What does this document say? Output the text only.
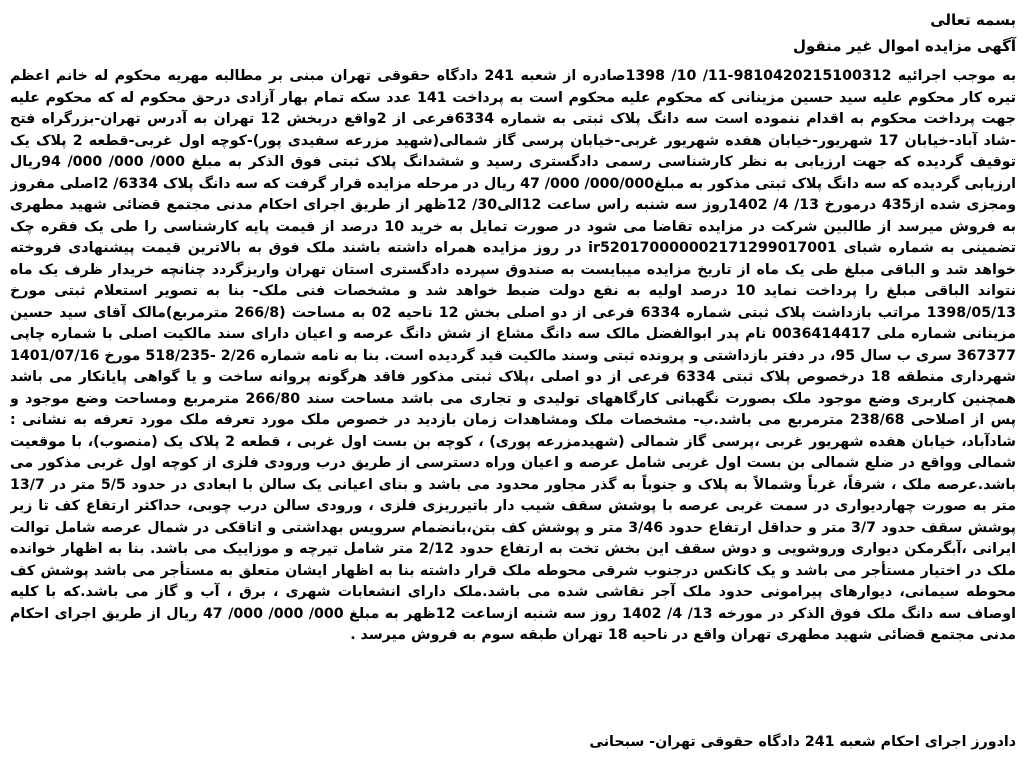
بسمه تعالی
آگهی مزایده اموال غیر منقول
به موجب اجرائیه 9810420215100312-11/ 10/ 1398صادره از شعبه 241 دادگاه حقوقی تهران مبنی بر مطالبه مهریه محکوم له خانم اعظم تیره کار محکوم علیه سید حسین مزینانی که محکوم علیه محکوم است به پرداخت 141 عدد سکه تمام بهار آزادی درحق محکوم له که محکوم علیه جهت پرداخت محکوم به اقدام ننموده است سه دانگ پلاک ثبتی به شماره 6334فرعی از 2واقع دربخش 12 تهران به آدرس تهران-بزرگراه فتح -شاد آباد-خیابان 17 شهریور-خیابان هفده شهریور غربی-خیابان پرسی گاز شمالی(شهید مزرعه سفیدی پور)-کوچه اول غربی-قطعه 2 پلاک یک توقیف گردیده که جهت ارزیابی به نظر کارشناسی رسمی دادگستری رسید و ششدانگ پلاک ثبتی فوق الذکر به مبلغ 000/ 000/ 000/ 94ریال ارزیابی گردیده که سه دانگ پلاک ثبتی مذکور به مبلغ000/000/ 000/ 47 ریال در مرحله مزایده قرار گرفت که سه دانگ پلاک 6334/ 2اصلی مفروز ومجزی شده از435 درمورخ 13/ 4/ 1402روز سه شنبه راس ساعت 12الی30/ 12ظهر از طریق اجرای احکام مدنی مجتمع قضائی شهید مطهری به فروش میرسد از طالبین شرکت در مزایده تقاضا می شود در صورت تمایل به خرید 10 درصد از قیمت پایه کارشناسی را طی یک فقره چک تضمینی به شماره شبای ir520170000002171299017001 در روز مزایده همراه داشته باشند ملک فوق به بالاترین قیمت پیشنهادی فروخته خواهد شد و الباقی مبلغ طی یک ماه از تاریخ مزایده میبایست به صندوق سپرده دادگستری استان تهران واریزگردد چنانچه خریدار ظرف یک ماه نتواند الباقی مبلغ را پرداخت نماید 10 درصد اولیه به نفع دولت ضبط خواهد شد و مشخصات فنی ملک- بنا به تصویر استعلام ثبتی مورخ 1398/05/13 مراتب بازداشت پلاک ثبتی شماره 6334 فرعی از دو اصلی بخش 12 ناحیه 02 به مساحت (266/8 مترمربع)مالک آقای سید حسین مزینانی شماره ملی 0036414417 نام پدر ابوالفضل مالک سه دانگ مشاع از شش دانگ عرصه و اعیان دارای سند مالکیت اصلی با شماره چاپی 367377 سری ب سال 95، در دفتر بازداشتی و پرونده ثبتی وسند مالکیت قید گردیده است. بنا به نامه شماره 2/26 -518/235 مورخ 1401/07/16 شهرداری منطقه 18 درخصوص پلاک ثبتی 6334 فرعی از دو اصلی ،پلاک ثبتی مذکور فاقد هرگونه پروانه ساخت و یا گواهی پایانکار می باشد همچنین کاربری وضع موجود ملک بصورت نگهبانی کارگاههای تولیدی و تجاری می باشد مساحت سند 266/80 مترمربع ومساحت وضع موجود و پس از اصلاحی 238/68 مترمربع می باشد.ب- مشخصات ملک ومشاهدات زمان بازدید در خصوص ملک مورد تعرفه ملک مورد تعرفه به نشانی : شادآباد، خیابان هفده شهریور غربی ،پرسی گاز شمالی (شهیدمزرعه پوری) ، کوچه بن بست اول غربی ، قطعه 2 پلاک یک (منصوب)، با موقعیت شمالی وواقع در ضلع شمالی بن بست اول غربی شامل عرصه و اعیان وراه دسترسی از طریق درب ورودی فلزی از کوچه اول غربی مذکور می باشد.عرصه ملک ، شرقاً، غرباً وشمالاً به پلاک و جنوباً به گذر مجاور محدود می باشد و بنای اعیانی یک سالن با ابعادی در حدود 5/5 متر در 13/7 متر به صورت چهاردیواری در سمت غربی عرصه با پوشش سقف شیب دار باتیرریزی فلزی ، ورودی سالن درب چوبی، حداکثر ارتفاع کف تا زیر پوشش سقف حدود 3/7 متر و حداقل ارتفاع حدود 3/46 متر و پوشش کف بتن،بانضمام سرویس بهداشتی و اتاقکی در شمال عرصه شامل توالت ایرانی ،آبگرمکن دیواری وروشویی و دوش سقف این بخش تخت به ارتفاع حدود 2/12 متر شامل تیرچه و موزاییک می باشد. بنا به اظهار خوانده ملک در اختیار مستأجر می باشد و یک کانکس درجنوب شرقی محوطه ملک قرار داشته بنا به اظهار ایشان متعلق به مستأجر می باشد پوشش کف محوطه سیمانی، دیوارهای پیرامونی حدود ملک آجر نقاشی شده می باشد.ملک دارای انشعابات شهری ، برق ، آب و گاز می باشد.که با کلیه اوصاف سه دانگ ملک فوق الذکر در مورخه 13/ 4/ 1402 روز سه شنبه ازساعت 12ظهر به مبلغ 000/ 000/ 000/ 47 ریال از طریق اجرای احکام مدنی مجتمع قضائی شهید مطهری تهران واقع در ناحیه 18 تهران طبقه سوم به فروش میرسد .
دادورز اجرای احکام شعبه 241 دادگاه حقوقی تهران- سبحانی
